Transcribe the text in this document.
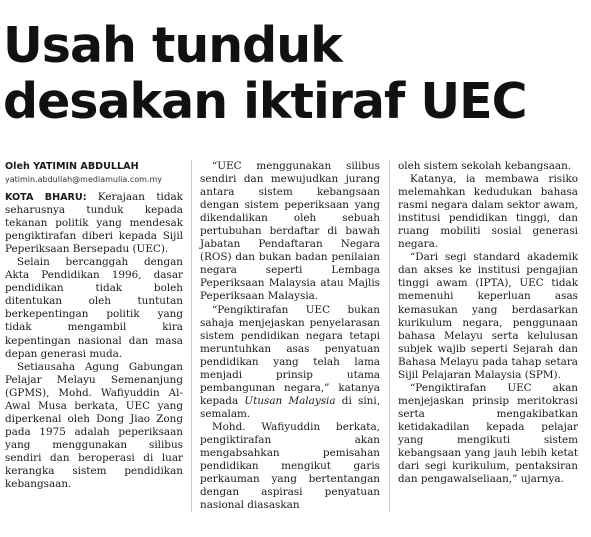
Usah tunduk
desakan iktiraf UEC
Oleh YATIMIN ABDULLAH
yatimin.abdullah@mediamulia.com.my

KOTA BHARU: Kerajaan tidak seharusnya tunduk kepada tekanan politik yang mendesak pengiktirafan diberi kepada Sijil Peperiksaan Bersepadu (UEC).

Selain bercanggah dengan Akta Pendidikan 1996, dasar pendidikan tidak boleh ditentukan oleh tuntutan berkepentingan politik yang tidak mengambil kira kepentingan nasional dan masa depan generasi muda.

Setiausaha Agung Gabungan Pelajar Melayu Semenanjung (GPMS), Mohd. Wafiyuddin Al-Awal Musa berkata, UEC yang diperkenal oleh Dong Jiao Zong pada 1975 adalah peperiksaan yang menggunakan silibus sendiri dan beroperasi di luar kerangka sistem pendidikan kebangsaan.

“UEC menggunakan silibus sendiri dan mewujudkan jurang antara sistem kebangsaan dengan sistem peperiksaan yang dikendalikan oleh sebuah pertubuhan berdaftar di bawah Jabatan Pendaftaran Negara (ROS) dan bukan badan penilaian negara seperti Lembaga Peperiksaan Malaysia atau Majlis Peperiksaan Malaysia.

“Pengiktirafan UEC bukan sahaja menjejaskan penyelarasan sistem pendidikan negara tetapi meruntuhkan asas penyatuan pendidikan yang telah lama menjadi prinsip utama pembangunan negara,” katanya kepada Utusan Malaysia di sini, semalam.

Mohd. Wafiyuddin berkata, pengiktirafan akan mengabsahkan pemisahan pendidikan mengikut garis perkauman yang bertentangan dengan aspirasi penyatuan nasional diasaskan

oleh sistem sekolah kebangsaan.

Katanya, ia membawa risiko melemahkan kedudukan bahasa rasmi negara dalam sektor awam, institusi pendidikan tinggi, dan ruang mobiliti sosial generasi negara.

“Dari segi standard akademik dan akses ke institusi pengajian tinggi awam (IPTA), UEC tidak memenuhi keperluan asas kemasukan yang berdasarkan kurikulum negara, penggunaan bahasa Melayu serta kelulusan subjek wajib seperti Sejarah dan Bahasa Melayu pada tahap setara Sijil Pelajaran Malaysia (SPM).

“Pengiktirafan UEC akan menjejaskan prinsip meritokrasi serta mengakibatkan ketidakadilan kepada pelajar yang mengikuti sistem kebangsaan yang jauh lebih ketat dari segi kurikulum, pentaksiran dan pengawalseliaan,” ujarnya.
